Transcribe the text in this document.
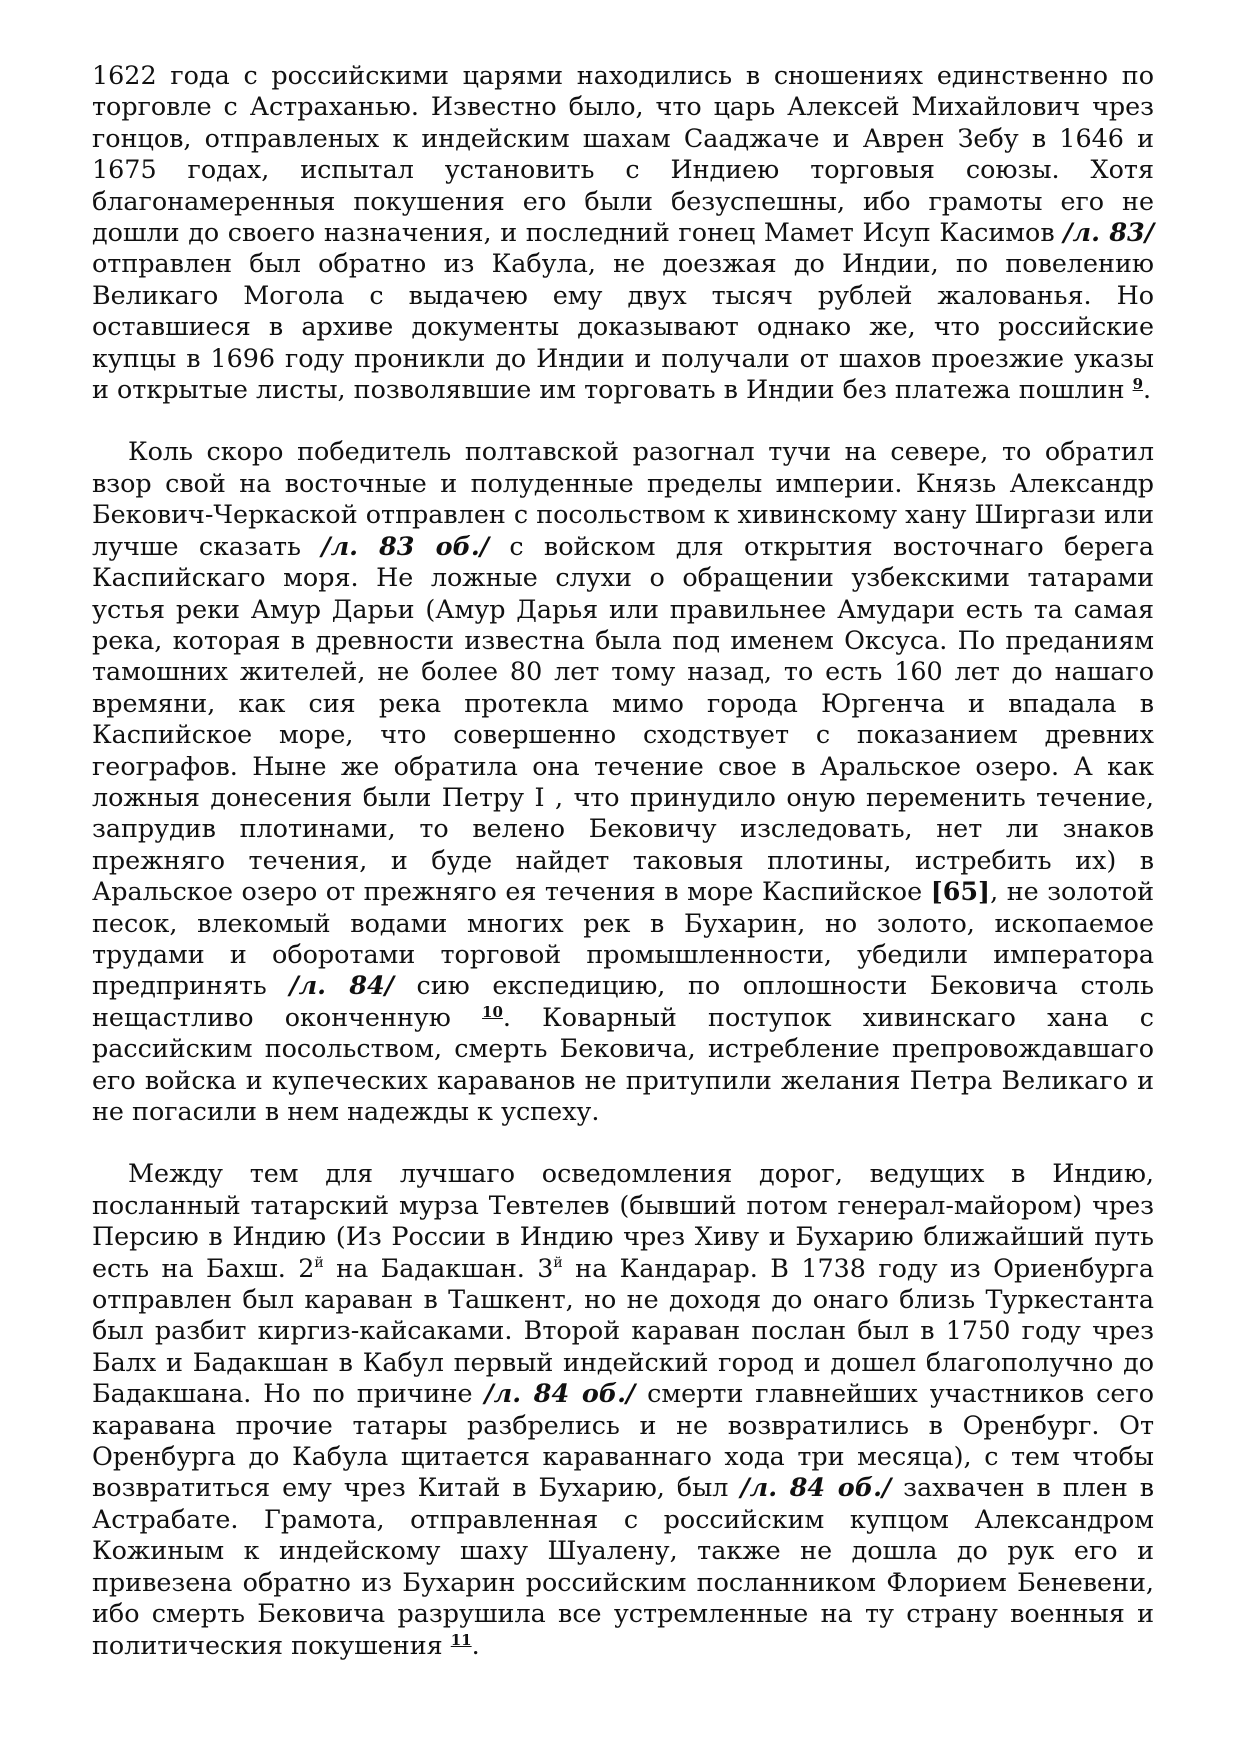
1622 года с российскими царями находились в сношениях единственно по торговле с Астраханью. Известно было, что царь Алексей Михайлович чрез гонцов, отправленых к индейским шахам Сааджаче и Аврен Зебу в 1646 и 1675 годах, испытал установить с Индиею торговыя союзы. Хотя благонамеренныя покушения его были безуспешны, ибо грамоты его не дошли до своего назначения, и последний гонец Мамет Исуп Касимов /л. 83/ отправлен был обратно из Кабула, не доезжая до Индии, по повелению Великаго Могола с выдачею ему двух тысяч рублей жалованья. Но оставшиеся в архиве документы доказывают однако же, что российские купцы в 1696 году проникли до Индии и получали от шахов проезжие указы и открытые листы, позволявшие им торговать в Индии без платежа пошлин $^9$.

Коль скоро победитель полтавской разогнал тучи на севере, то обратил взор свой на восточные и полуденные пределы империи. Князь Александр Бекович-Черкаской отправлен с посольством к хивинскому хану Ширгази или лучше сказать /л. 83 об./ с войском для открытия восточнаго берега Каспийскаго моря. Не ложные слухи о обращении узбекскими татарами устья реки Амур Дарьи (Амур Дарья или правильнее Амудари есть та самая река, которая в древности известна была под именем Оксуса. По преданиям тамошних жителей, не более 80 лет тому назад, то есть 160 лет до нашаго времяни, как сия река протекла мимо города Юргенча и впадала в Каспийское море, что совершенно сходствует с показанием древних географов. Ныне же обратила она течение свое в Аральское озеро. А как ложныя донесения были Петру I , что принудило оную переменить течение, запрудив плотинами, то велено Бековичу изследовать, нет ли знаков прежняго течения, и буде найдет таковыя плотины, истребить их) в Аральское озеро от прежняго ея течения в море Каспийское [65], не золотой песок, влекомый водами многих рек в Бухарин, но золото, ископаемое трудами и оборотами торговой промышленности, убедили императора предпринять /л. 84/ сию експедицию, по оплошности Бековича столь нещастливо оконченную $^{10}$. Коварный поступок хивинскаго хана с рассийским посольством, смерть Бековича, истребление препровождавшаго его войска и купеческих караванов не притупили желания Петра Великаго и не погасили в нем надежды к успеху.

Между тем для лучшаго осведомления дорог, ведущих в Индию, посланный татарский мурза Тевтелев (бывший потом генерал-майором) чрез Персию в Индию (Из России в Индию чрез Хиву и Бухарию ближайший путь есть на Бахш. $2^й$ на Бадакшан. $3^й$ на Кандарар. В 1738 году из Ориенбурга отправлен был караван в Ташкент, но не доходя до онаго близь Туркестанта был разбит киргиз-кайсаками. Второй караван послан был в 1750 году чрез Балх и Бадакшан в Кабул первый индейский город и дошел благополучно до Бадакшана. Но по причине /л. 84 об./ смерти главнейших участников сего каравана прочие татары разбрелись и не возвратились в Оренбург. От Оренбурга до Кабула щитается караваннаго хода три месяца), с тем чтобы возвратиться ему чрез Китай в Бухарию, был /л. 84 об./ захвачен в плен в Астрабате. Грамота, отправленная с российским купцом Александром Кожиным к индейскому шаху Шуалену, также не дошла до рук его и привезена обратно из Бухарин российским посланником Флорием Беневени, ибо смерть Бековича разрушила все устремленные на ту страну военныя и политическия покушения $^{11}$.
